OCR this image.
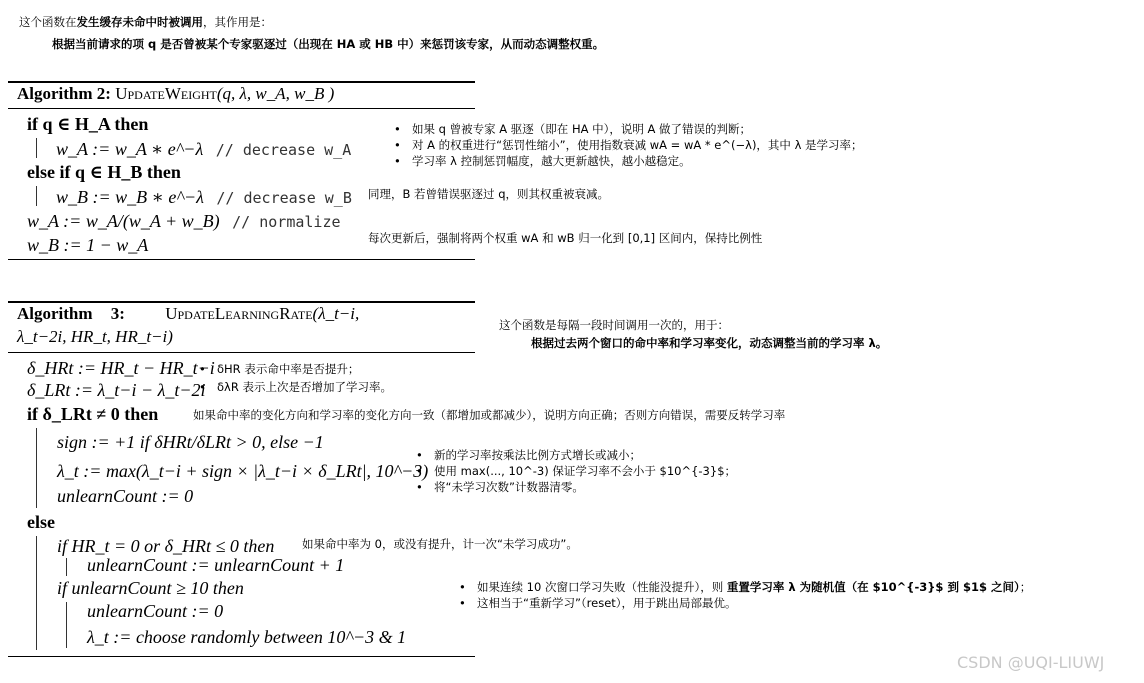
这个函数在发生缓存未命中时被调用，其作用是：
根据当前请求的项 q 是否曾被某个专家驱逐过（出现在 HA 或 HB 中）来惩罚该专家，从而动态调整权重。
Algorithm 2: UpdateWeight(q, λ, w_A, w_B )
if q ∈ H_A then
w_A := w_A ∗ e^−λ // decrease w_A
else if q ∈ H_B then
w_B := w_B ∗ e^−λ // decrease w_B
w_A := w_A/(w_A + w_B) // normalize
w_B := 1 − w_A
• 如果 q 曾被专家 A 驱逐（即在 HA 中），说明 A 做了错误的判断；
• 对 A 的权重进行“惩罚性缩小”，使用指数衰减 wA = wA * e^(−λ)，其中 λ 是学习率；
• 学习率 λ 控制惩罚幅度，越大更新越快，越小越稳定。
同理，B 若曾错误驱逐过 q，则其权重被衰减。
每次更新后，强制将两个权重 wA 和 wB 归一化到 [0,1] 区间内，保持比例性
Algorithm 3: UpdateLearningRate(λ_t−i,
λ_t−2i, HR_t, HR_t−i)
这个函数是每隔一段时间调用一次的，用于：
根据过去两个窗口的命中率和学习率变化，动态调整当前的学习率 λ。
δ_HRt := HR_t − HR_t−i
δ_LRt := λ_t−i − λ_t−2i
if δ_LRt ≠ 0 then
sign := +1 if δHRt/δLRt > 0, else −1
λ_t := max(λ_t−i + sign × |λ_t−i × δ_LRt|, 10^−3)
unlearnCount := 0
else
if HR_t = 0 or δ_HRt ≤ 0 then
unlearnCount := unlearnCount + 1
if unlearnCount ≥ 10 then
unlearnCount := 0
λ_t := choose randomly between 10^−3 & 1
• δHR 表示命中率是否提升；
• δλR 表示上次是否增加了学习率。
如果命中率的变化方向和学习率的变化方向一致（都增加或都减少），说明方向正确；否则方向错误，需要反转学习率
• 新的学习率按乘法比例方式增长或减小；
• 使用 max(..., 10^-3) 保证学习率不会小于 $10^{-3}$；
• 将“未学习次数”计数器清零。
如果命中率为 0，或没有提升，计一次“未学习成功”。
• 如果连续 10 次窗口学习失败（性能没提升），则 重置学习率 λ 为随机值（在 $10^{-3}$ 到 $1$ 之间）；
• 这相当于“重新学习”（reset），用于跳出局部最优。
CSDN @UQI-LIUWJ
